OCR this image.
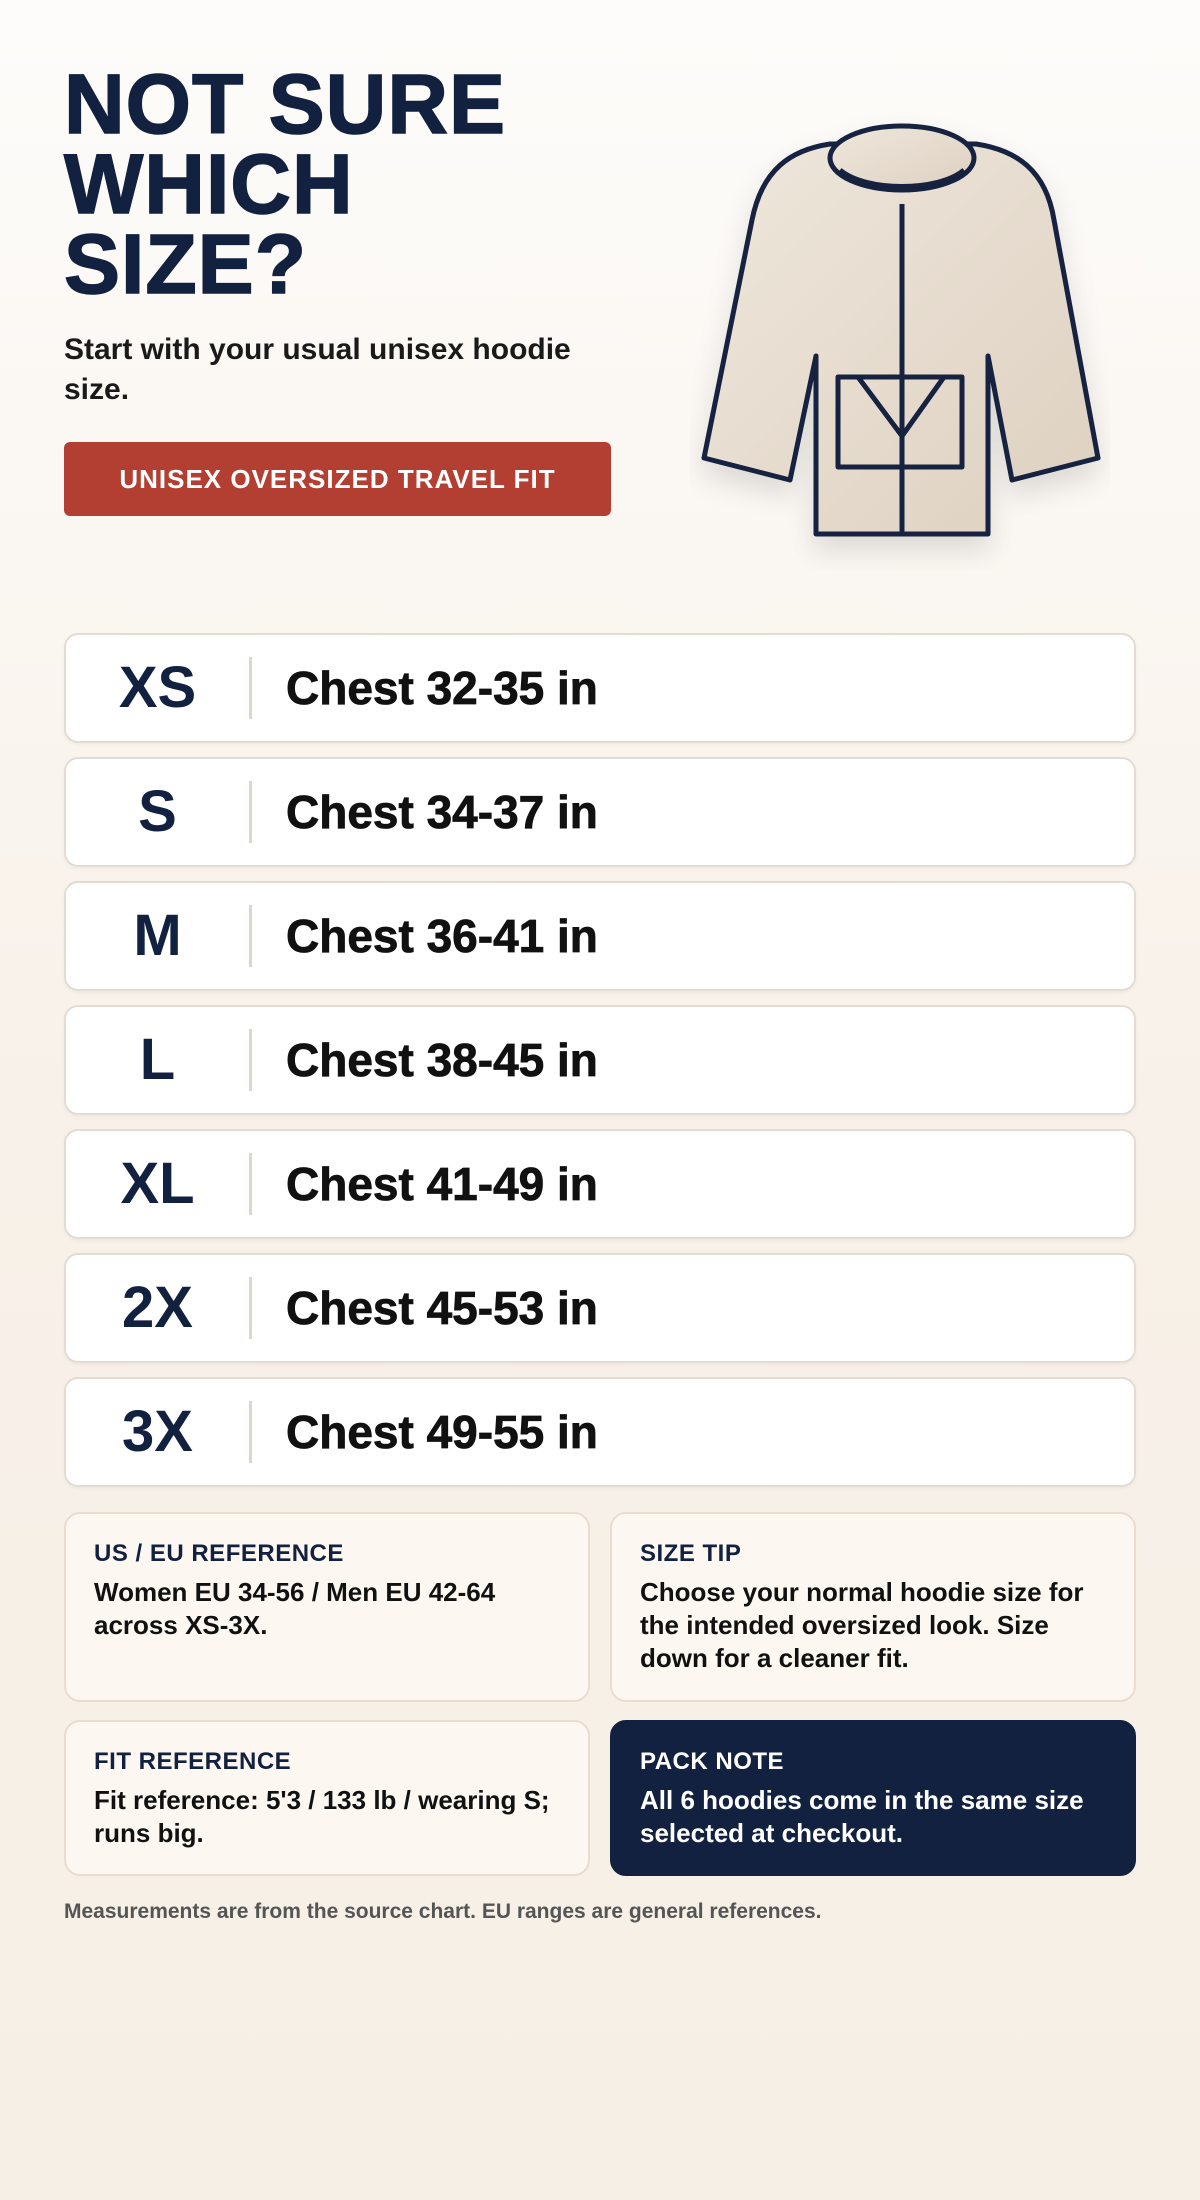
NOT SURE
WHICH
SIZE?

Start with your usual unisex hoodie size.

UNISEX OVERSIZED TRAVEL FIT
XS	Chest 32-35 in
S	Chest 34-37 in
M	Chest 36-41 in
L	Chest 38-45 in
XL	Chest 41-49 in
2X	Chest 45-53 in
3X	Chest 49-55 in
US / EU REFERENCE
Women EU 34-56 / Men EU 42-64 across XS-3X.
SIZE TIP
Choose your normal hoodie size for the intended oversized look. Size down for a cleaner fit.
FIT REFERENCE
Fit reference: 5'3 / 133 lb / wearing S; runs big.
PACK NOTE
All 6 hoodies come in the same size selected at checkout.

Measurements are from the source chart. EU ranges are general references.
